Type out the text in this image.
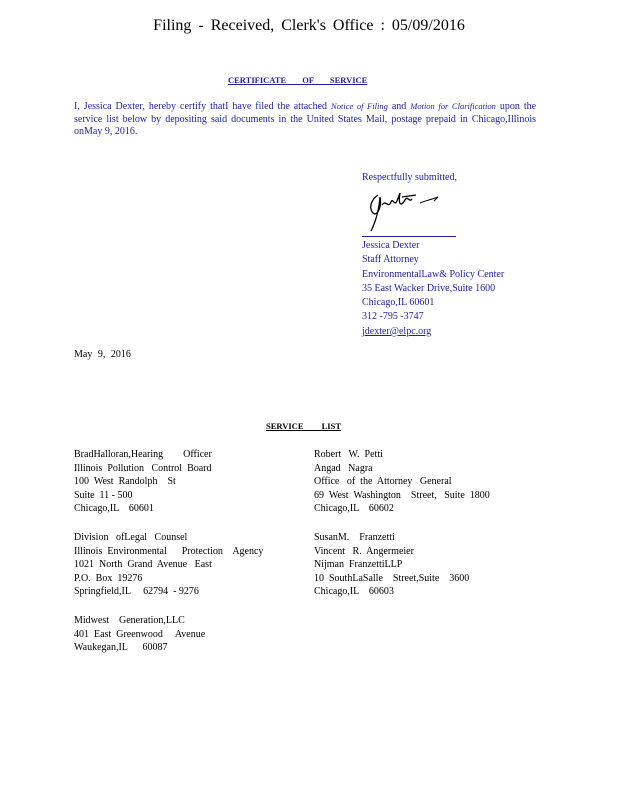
Filing - Received, Clerk's Office : 05/09/2016
CERTIFICATE OF SERVICE
I, Jessica Dexter, hereby certify thatI have filed the attached Notice of Filing and Motion for Clarification upon the service list below by depositing said documents in the United States Mail, postage prepaid in Chicago,Illinois onMay 9, 2016.
Respectfully submitted,
Jessica Dexter
Staff Attorney
EnvironmentalLaw& Policy Center
35 East Wacker Drive,Suite 1600
Chicago,IL 60601
312 -795 -3747
jdexter@elpc.org
May 9, 2016
SERVICE LIST
BradHalloran,Hearing        Officer
Illinois  Pollution   Control  Board
100  West  Randolph    St
Suite  11 - 500
Chicago,IL    60601
Robert   W.  Petti
Angad   Nagra
Office   of  the  Attorney   General
69  West  Washington    Street,   Suite  1800
Chicago,IL    60602
Division   ofLegal   Counsel
Illinois  Environmental      Protection    Agency
1021  North  Grand  Avenue   East
P.O.  Box  19276
Springfield,IL     62794  - 9276
SusanM.    Franzetti
Vincent   R.  Angermeier
Nijman  FranzettiLLP
10  SouthLaSalle    Street,Suite    3600
Chicago,IL    60603
Midwest    Generation,LLC
401  East  Greenwood     Avenue
Waukegan,IL      60087
